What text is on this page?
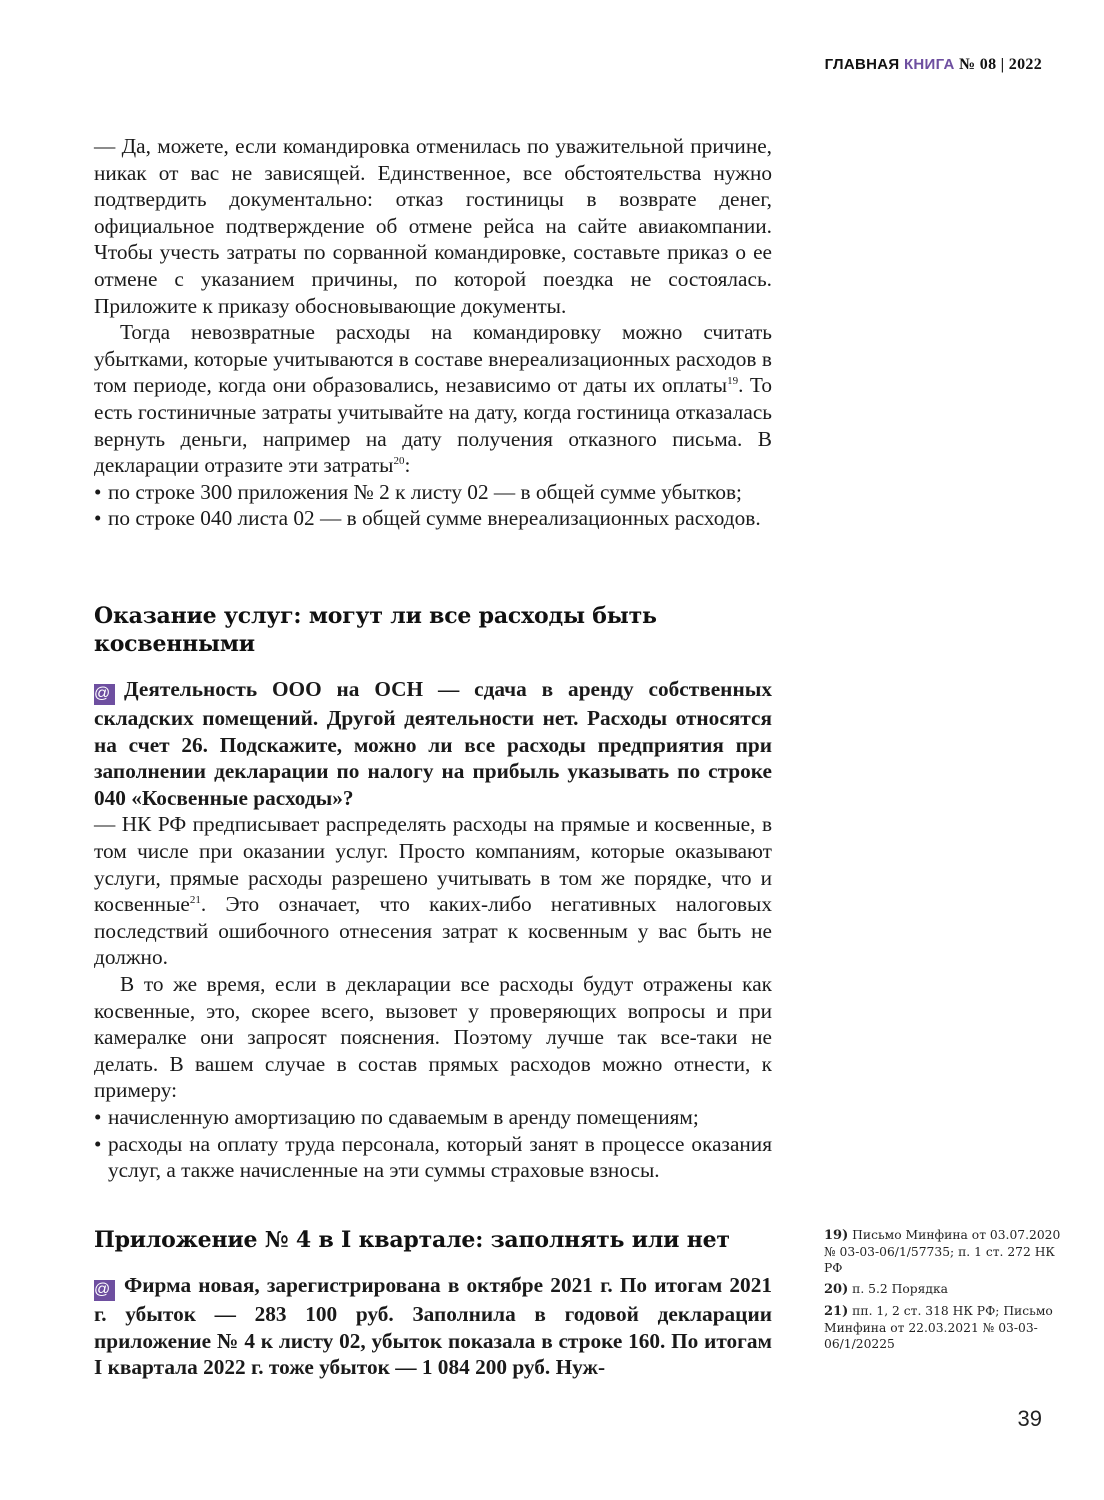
ГЛАВНАЯ КНИГА № 08 | 2022

— Да, можете, если командировка отменилась по уважительной причине, никак от вас не зависящей. Единственное, все обстоятельства нужно подтвердить документально: отказ гостиницы в возврате денег, официальное подтверждение об отмене рейса на сайте авиакомпании. Чтобы учесть затраты по сорванной командировке, составьте приказ о ее отмене с указанием причины, по которой поездка не состоялась. Приложите к приказу обосновывающие документы.

Тогда невозвратные расходы на командировку можно считать убытками, которые учитываются в составе внереализационных расходов в том периоде, когда они образовались, независимо от даты их оплаты$^{19}$. То есть гостиничные затраты учитывайте на дату, когда гостиница отказалась вернуть деньги, например на дату получения отказного письма. В декларации отразите эти затраты$^{20}$:

• по строке 300 приложения № 2 к листу 02 — в общей сумме убытков;

• по строке 040 листа 02 — в общей сумме внереализационных расходов.

Оказание услуг: могут ли все расходы быть косвенными

@ Деятельность ООО на ОСН — сдача в аренду собственных складских помещений. Другой деятельности нет. Расходы относятся на счет 26. Подскажите, можно ли все расходы предприятия при заполнении декларации по налогу на прибыль указывать по строке 040 «Косвенные расходы»?

— НК РФ предписывает распределять расходы на прямые и косвенные, в том числе при оказании услуг. Просто компаниям, которые оказывают услуги, прямые расходы разрешено учитывать в том же порядке, что и косвенные$^{21}$. Это означает, что каких-либо негативных налоговых последствий ошибочного отнесения затрат к косвенным у вас быть не должно.

В то же время, если в декларации все расходы будут отражены как косвенные, это, скорее всего, вызовет у проверяющих вопросы и при камералке они запросят пояснения. Поэтому лучше так все-таки не делать. В вашем случае в состав прямых расходов можно отнести, к примеру:

• начисленную амортизацию по сдаваемым в аренду помещениям;

• расходы на оплату труда персонала, который занят в процессе оказания услуг, а также начисленные на эти суммы страховые взносы.

Приложение № 4 в I квартале: заполнять или нет

@ Фирма новая, зарегистрирована в октябре 2021 г. По итогам 2021 г. убыток — 283 100 руб. Заполнила в годовой декларации приложение № 4 к листу 02, убыток показала в строке 160. По итогам I квартала 2022 г. тоже убыток — 1 084 200 руб. Нуж-

19) Письмо Минфина от 03.07.2020 № 03-03-06/1/57735; п. 1 ст. 272 НК РФ
20) п. 5.2 Порядка
21) пп. 1, 2 ст. 318 НК РФ; Письмо Минфина от 22.03.2021 № 03-03-06/1/20225
39
